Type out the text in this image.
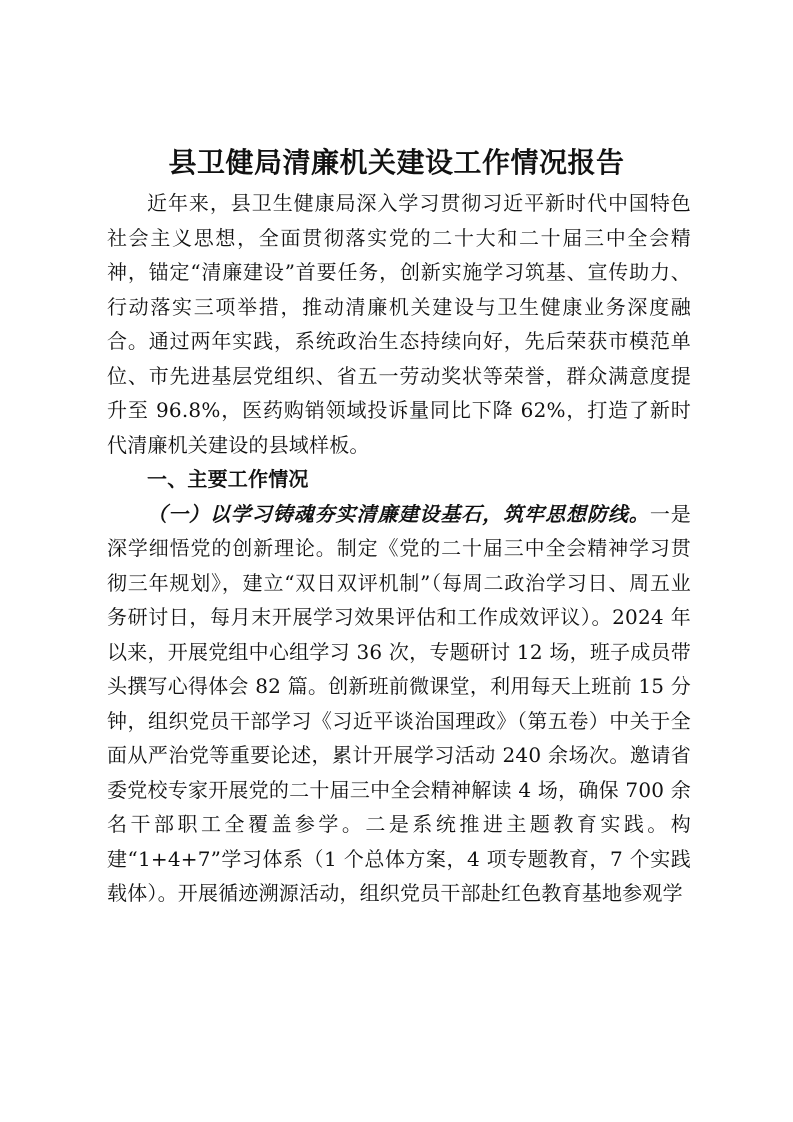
县卫健局清廉机关建设工作情况报告

近年来，县卫生健康局深入学习贯彻习近平新时代中国特色社会主义思想，全面贯彻落实党的二十大和二十届三中全会精神，锚定“清廉建设”首要任务，创新实施学习筑基、宣传助力、行动落实三项举措，推动清廉机关建设与卫生健康业务深度融合。通过两年实践，系统政治生态持续向好，先后荣获市模范单位、市先进基层党组织、省五一劳动奖状等荣誉，群众满意度提升至 96.8%，医药购销领域投诉量同比下降 62%，打造了新时代清廉机关建设的县域样板。

一、主要工作情况

（一）以学习铸魂夯实清廉建设基石，筑牢思想防线。一是深学细悟党的创新理论。制定《党的二十届三中全会精神学习贯彻三年规划》，建立“双日双评机制”（每周二政治学习日、周五业务研讨日，每月末开展学习效果评估和工作成效评议）。2024 年以来，开展党组中心组学习 36 次，专题研讨 12 场，班子成员带头撰写心得体会 82 篇。创新班前微课堂，利用每天上班前 15 分钟，组织党员干部学习《习近平谈治国理政》（第五卷）中关于全面从严治党等重要论述，累计开展学习活动 240 余场次。邀请省委党校专家开展党的二十届三中全会精神解读 4 场，确保 700 余名干部职工全覆盖参学。二是系统推进主题教育实践。构建“1+4+7”学习体系（1 个总体方案，4 项专题教育，7 个实践载体）。开展循迹溯源活动，组织党员干部赴红色教育基地参观学
